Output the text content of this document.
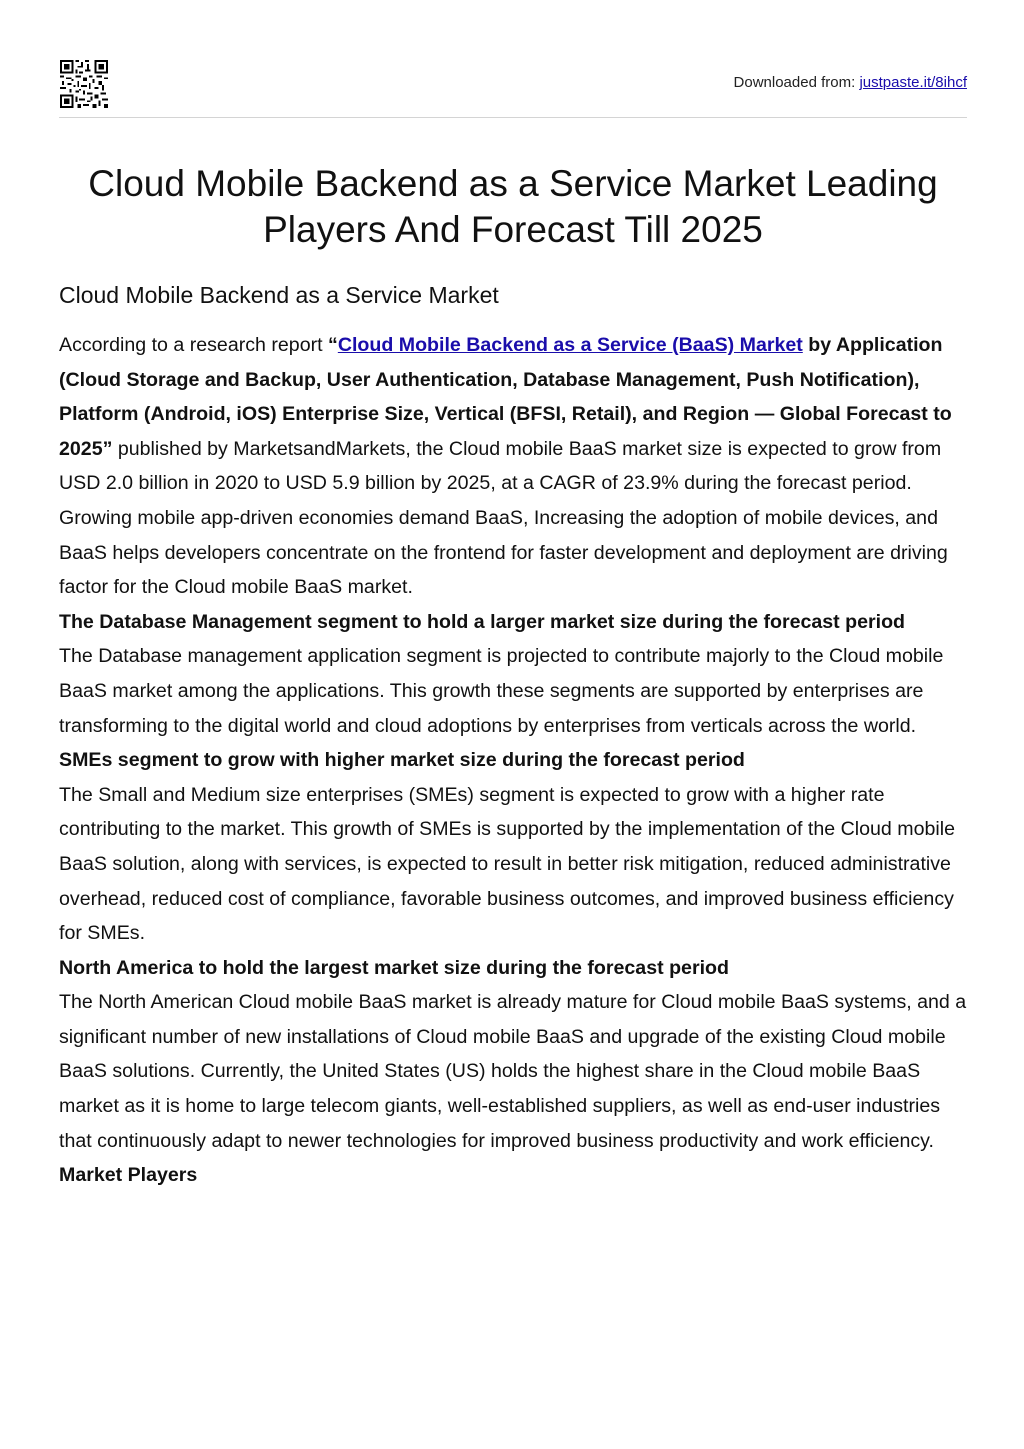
Downloaded from: justpaste.it/8ihcf
Cloud Mobile Backend as a Service Market Leading Players And Forecast Till 2025
Cloud Mobile Backend as a Service Market

According to a research report “Cloud Mobile Backend as a Service (BaaS) Market by Application (Cloud Storage and Backup, User Authentication, Database Management, Push Notification), Platform (Android, iOS) Enterprise Size, Vertical (BFSI, Retail), and Region — Global Forecast to 2025” published by MarketsandMarkets, the Cloud mobile BaaS market size is expected to grow from USD 2.0 billion in 2020 to USD 5.9 billion by 2025, at a CAGR of 23.9% during the forecast period. Growing mobile app-driven economies demand BaaS, Increasing the adoption of mobile devices, and BaaS helps developers concentrate on the frontend for faster development and deployment are driving factor for the Cloud mobile BaaS market.

The Database Management segment to hold a larger market size during the forecast period

The Database management application segment is projected to contribute majorly to the Cloud mobile BaaS market among the applications. This growth these segments are supported by enterprises are transforming to the digital world and cloud adoptions by enterprises from verticals across the world.

SMEs segment to grow with higher market size during the forecast period

The Small and Medium size enterprises (SMEs) segment is expected to grow with a higher rate contributing to the market. This growth of SMEs is supported by the implementation of the Cloud mobile BaaS solution, along with services, is expected to result in better risk mitigation, reduced administrative overhead, reduced cost of compliance, favorable business outcomes, and improved business efficiency for SMEs.

North America to hold the largest market size during the forecast period

The North American Cloud mobile BaaS market is already mature for Cloud mobile BaaS systems, and a significant number of new installations of Cloud mobile BaaS and upgrade of the existing Cloud mobile BaaS solutions. Currently, the United States (US) holds the highest share in the Cloud mobile BaaS market as it is home to large telecom giants, well-established suppliers, as well as end-user industries that continuously adapt to newer technologies for improved business productivity and work efficiency.

Market Players
